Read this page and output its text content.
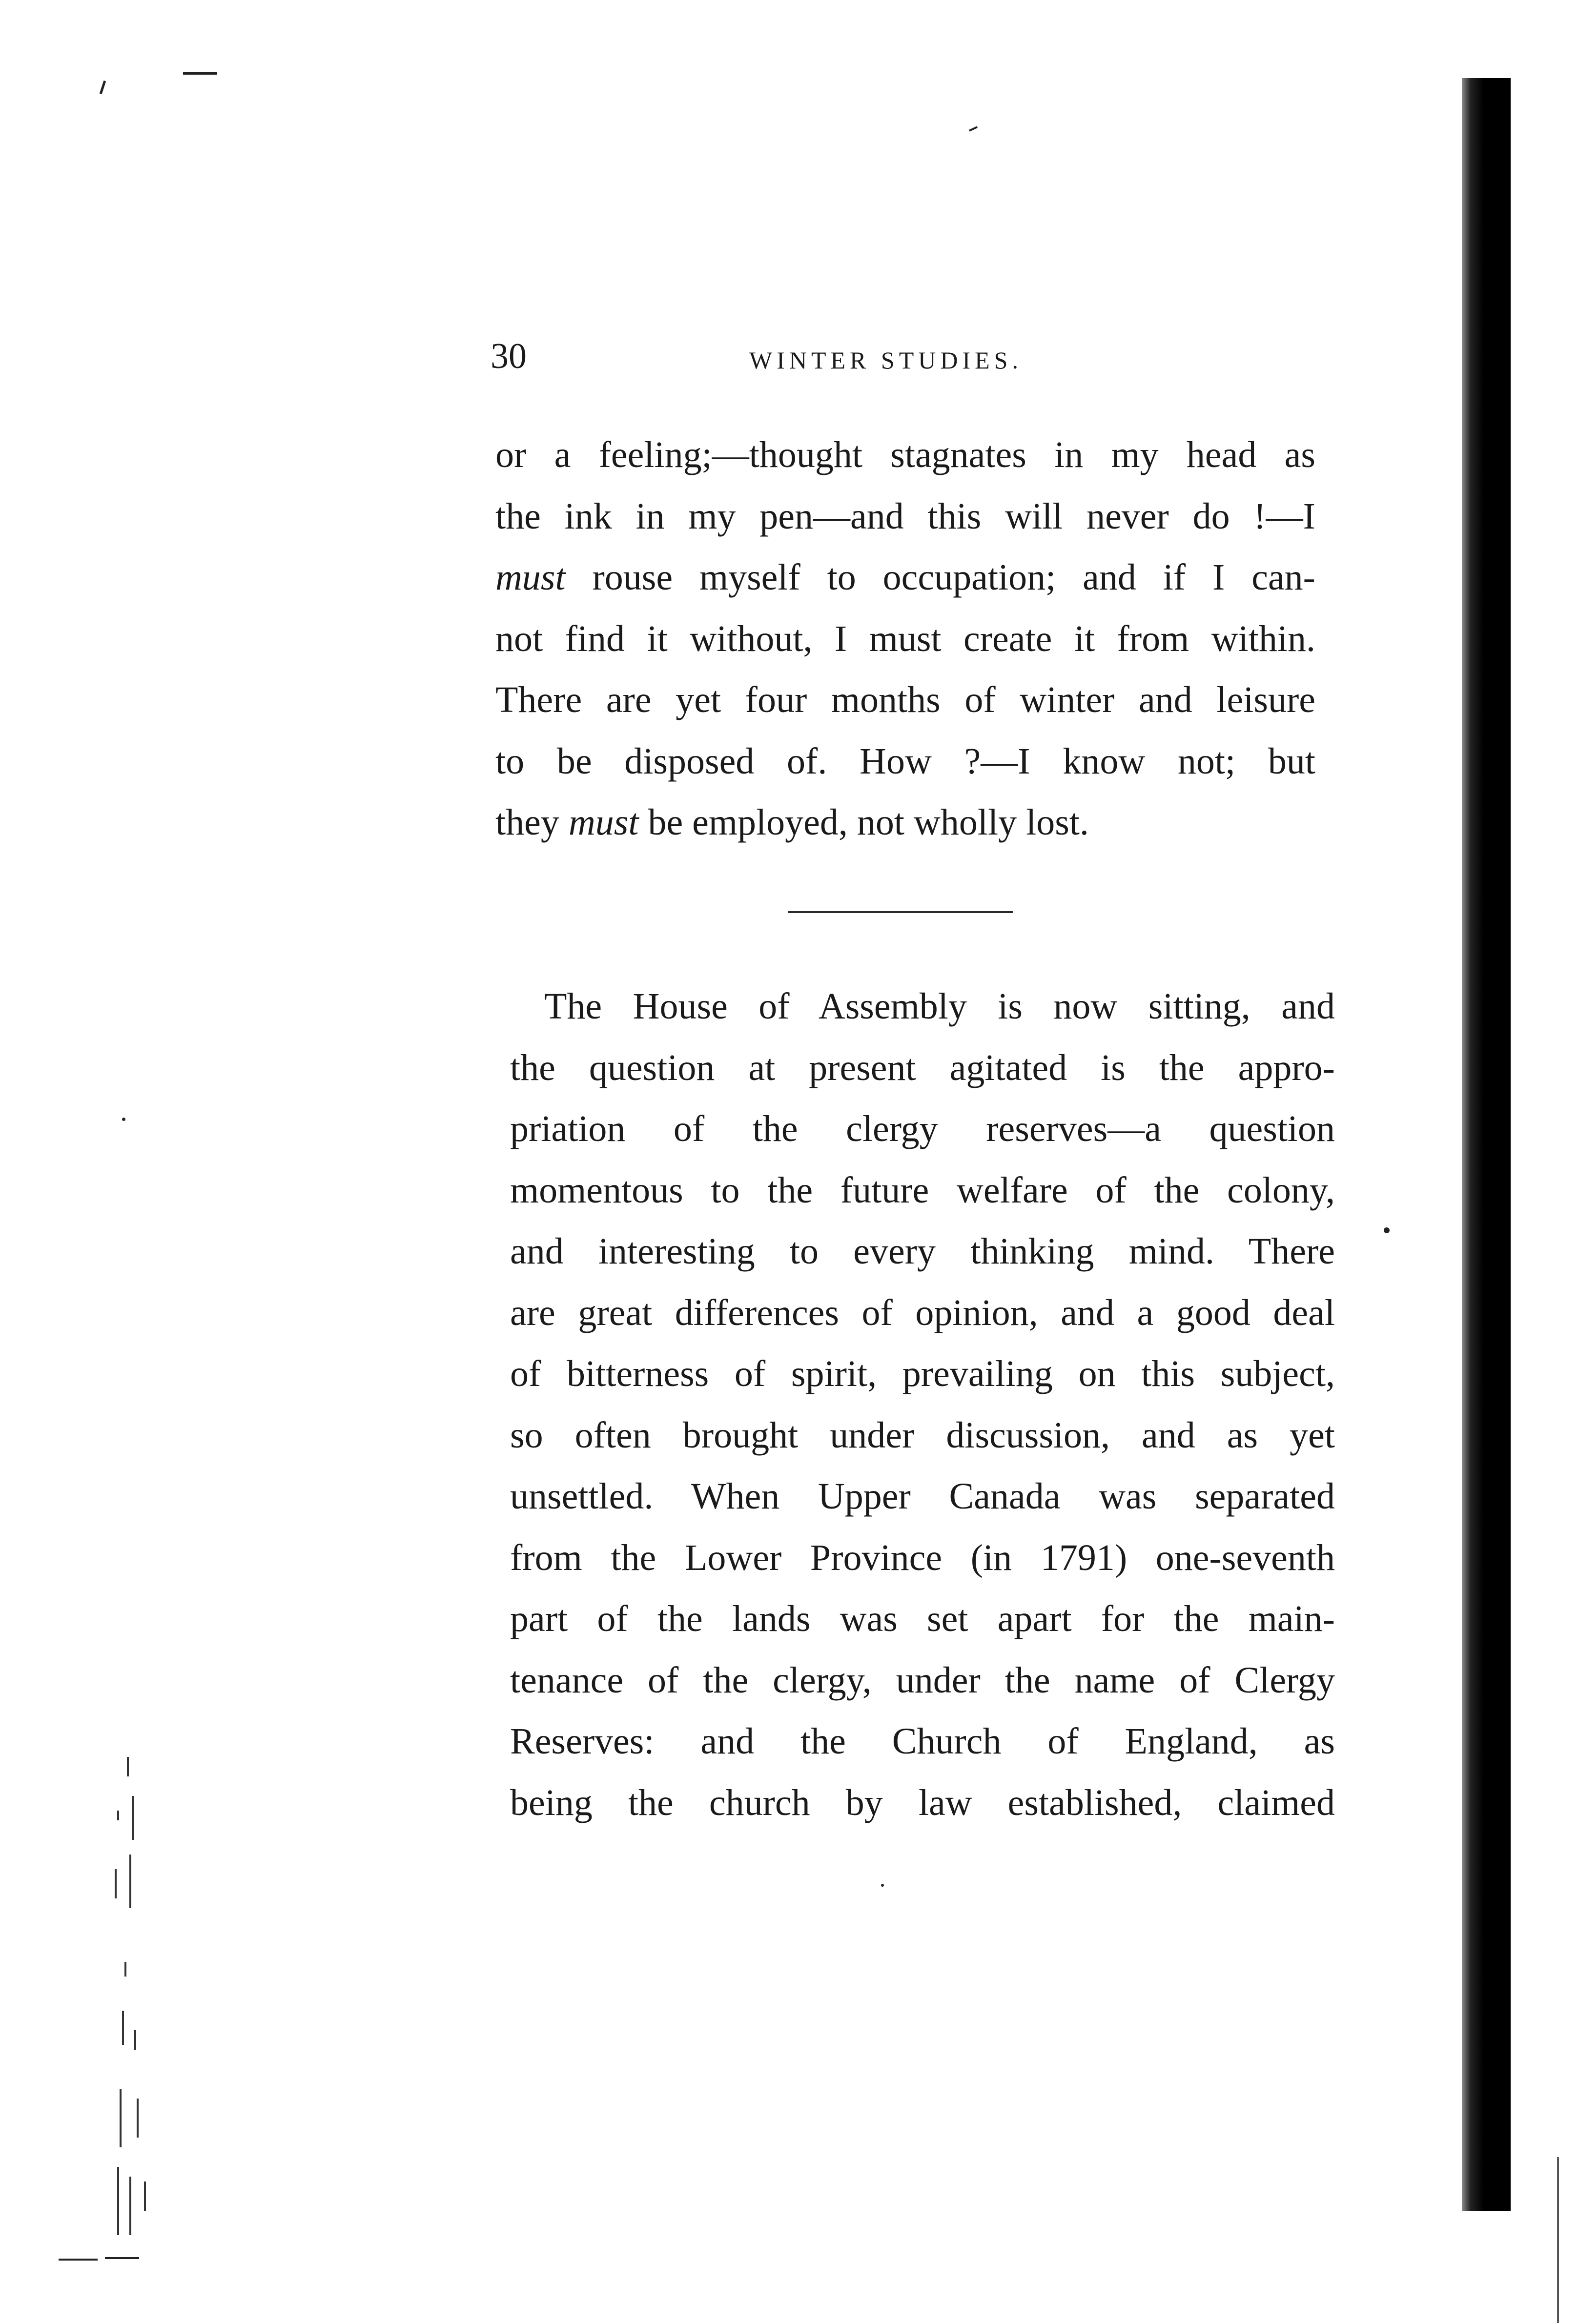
30	WINTER STUDIES.

or a feeling;—thought stagnates in my head as
the ink in my pen—and this will never do !—I
must rouse myself to occupation; and if I can-
not find it without, I must create it from within.
There are yet four months of winter and leisure
to be disposed of. How ?—I know not; but
they must be employed, not wholly lost.

The House of Assembly is now sitting, and
the question at present agitated is the appro-
priation of the clergy reserves—a question
momentous to the future welfare of the colony,
and interesting to every thinking mind. There
are great differences of opinion, and a good deal
of bitterness of spirit, prevailing on this subject,
so often brought under discussion, and as yet
unsettled. When Upper Canada was separated
from the Lower Province (in 1791) one-seventh
part of the lands was set apart for the main-
tenance of the clergy, under the name of Clergy
Reserves: and the Church of England, as
being the church by law established, claimed
